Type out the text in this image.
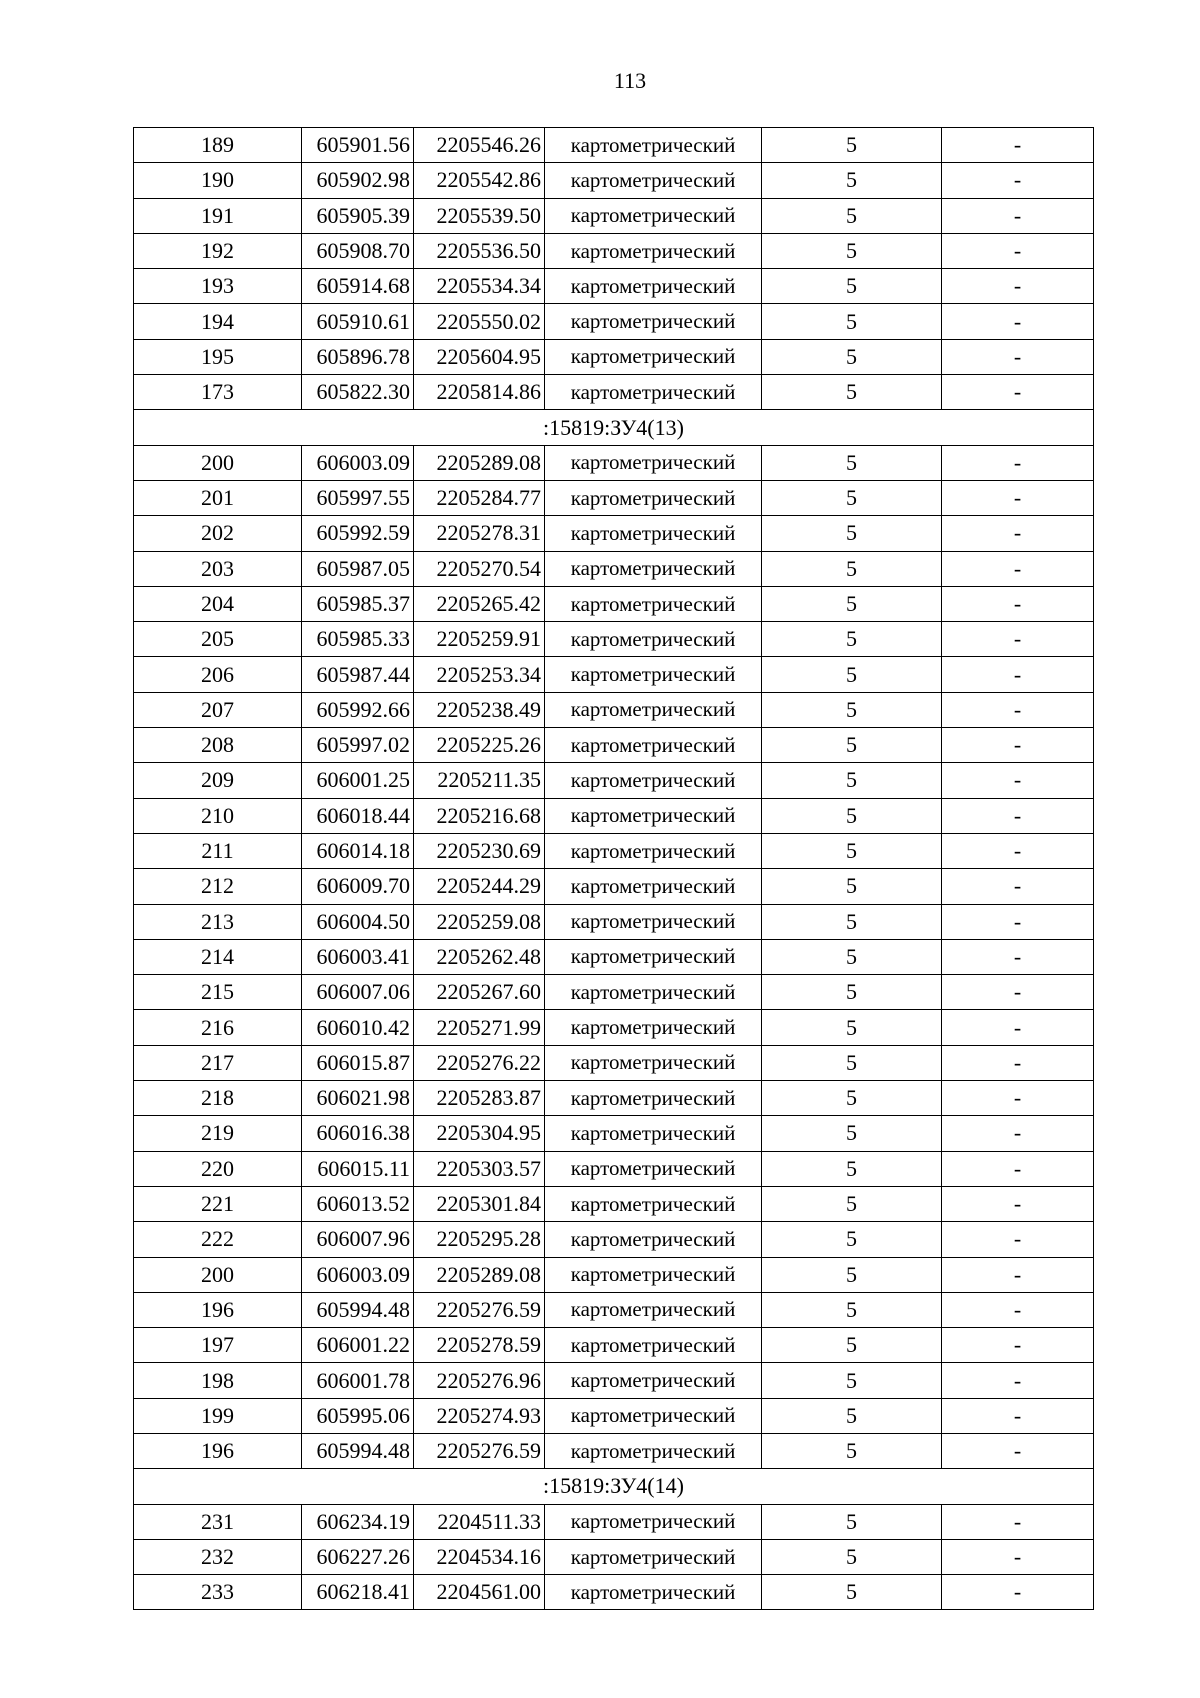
113
189	605901.56	2205546.26	картометрический	5	-
190	605902.98	2205542.86	картометрический	5	-
191	605905.39	2205539.50	картометрический	5	-
192	605908.70	2205536.50	картометрический	5	-
193	605914.68	2205534.34	картометрический	5	-
194	605910.61	2205550.02	картометрический	5	-
195	605896.78	2205604.95	картометрический	5	-
173	605822.30	2205814.86	картометрический	5	-
:15819:ЗУ4(13)					
200	606003.09	2205289.08	картометрический	5	-
201	605997.55	2205284.77	картометрический	5	-
202	605992.59	2205278.31	картометрический	5	-
203	605987.05	2205270.54	картометрический	5	-
204	605985.37	2205265.42	картометрический	5	-
205	605985.33	2205259.91	картометрический	5	-
206	605987.44	2205253.34	картометрический	5	-
207	605992.66	2205238.49	картометрический	5	-
208	605997.02	2205225.26	картометрический	5	-
209	606001.25	2205211.35	картометрический	5	-
210	606018.44	2205216.68	картометрический	5	-
211	606014.18	2205230.69	картометрический	5	-
212	606009.70	2205244.29	картометрический	5	-
213	606004.50	2205259.08	картометрический	5	-
214	606003.41	2205262.48	картометрический	5	-
215	606007.06	2205267.60	картометрический	5	-
216	606010.42	2205271.99	картометрический	5	-
217	606015.87	2205276.22	картометрический	5	-
218	606021.98	2205283.87	картометрический	5	-
219	606016.38	2205304.95	картометрический	5	-
220	606015.11	2205303.57	картометрический	5	-
221	606013.52	2205301.84	картометрический	5	-
222	606007.96	2205295.28	картометрический	5	-
200	606003.09	2205289.08	картометрический	5	-
196	605994.48	2205276.59	картометрический	5	-
197	606001.22	2205278.59	картометрический	5	-
198	606001.78	2205276.96	картометрический	5	-
199	605995.06	2205274.93	картометрический	5	-
196	605994.48	2205276.59	картометрический	5	-
:15819:ЗУ4(14)					
231	606234.19	2204511.33	картометрический	5	-
232	606227.26	2204534.16	картометрический	5	-
233	606218.41	2204561.00	картометрический	5	-
